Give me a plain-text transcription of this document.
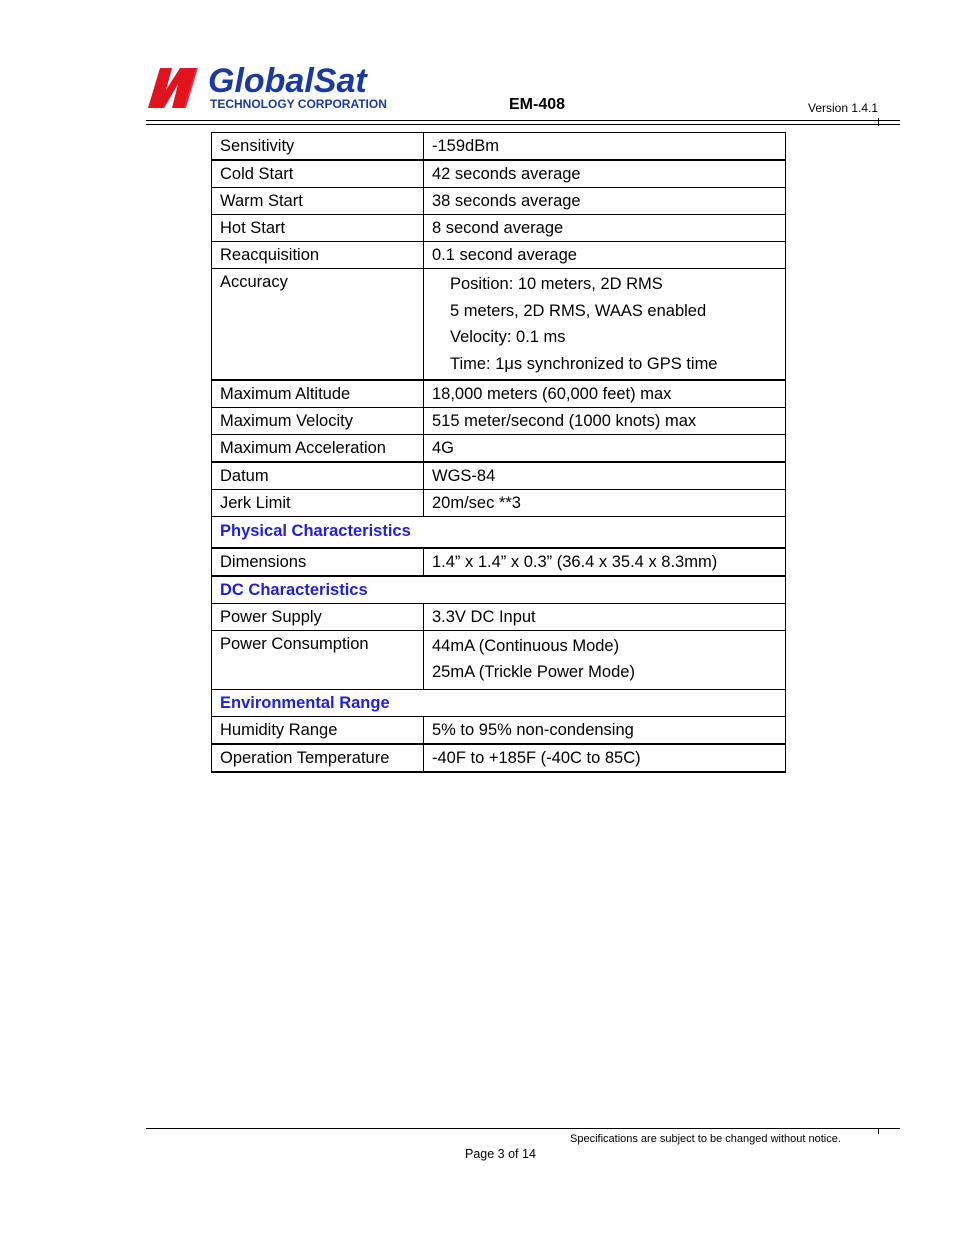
GlobalSat
TECHNOLOGY CORPORATION	EM-408	Version 1.4.1
Sensitivity	-159dBm
Cold Start	42 seconds average
Warm Start	38 seconds average
Hot Start	8 second average
Reacquisition	0.1 second average
Accuracy	Position: 10 meters, 2D RMS
5 meters, 2D RMS, WAAS enabled
Velocity: 0.1 ms
Time: 1μs synchronized to GPS time

Maximum Altitude	18,000 meters (60,000 feet) max
Maximum Velocity	515 meter/second (1000 knots) max
Maximum Acceleration	4G
Datum	WGS-84
Jerk Limit	20m/sec **3
Physical Characteristics	
Dimensions	1.4” x 1.4” x 0.3” (36.4 x 35.4 x 8.3mm)
DC Characteristics	
Power Supply	3.3V DC Input
Power Consumption	44mA (Continuous Mode)
25mA (Trickle Power Mode)

Environmental Range	
Humidity Range	5% to 95% non-condensing
Operation Temperature	-40F to +185F (-40C to 85C)
Specifications are subject to be changed without notice.
Page 3 of 14
